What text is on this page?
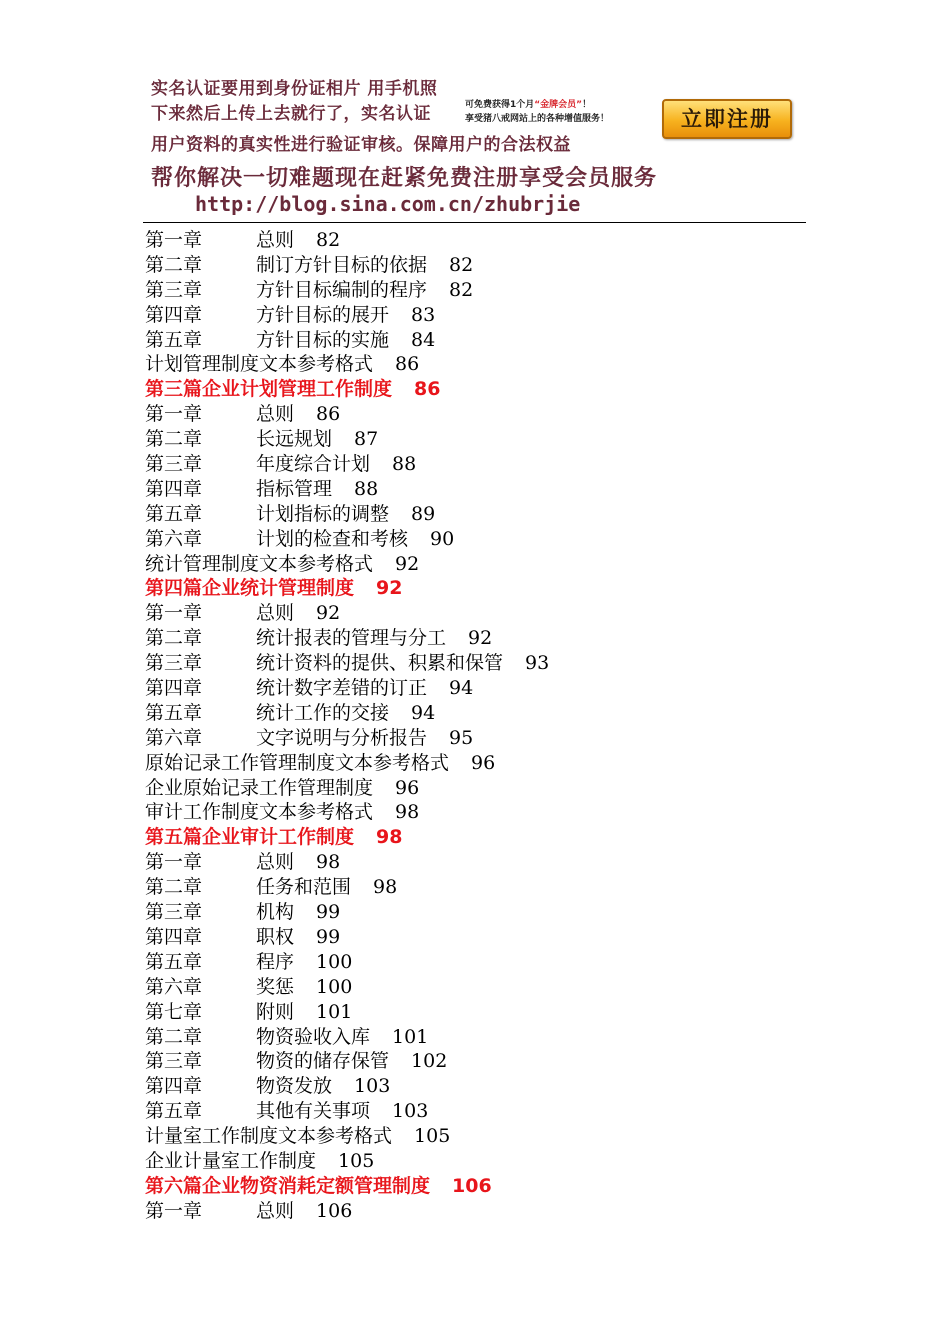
实名认证要用到身份证相片 用手机照
下来然后上传上去就行了，实名认证	可免费获得1个月“金牌会员”！
享受猪八戒网站上的各种增值服务！	立即注册
用户资料的真实性进行验证审核。保障用户的合法权益
帮你解决一切难题现在赶紧免费注册享受会员服务
http://blog.sina.com.cn/zhubrjie
第一章	总则 82
第二章	制订方针目标的依据 82
第三章	方针目标编制的程序 82
第四章	方针目标的展开 83
第五章	方针目标的实施 84
计划管理制度文本参考格式 86
第三篇企业计划管理工作制度 86
第一章	总则 86
第二章	长远规划 87
第三章	年度综合计划 88
第四章	指标管理 88
第五章	计划指标的调整 89
第六章	计划的检查和考核 90
统计管理制度文本参考格式 92
第四篇企业统计管理制度 92
第一章	总则 92
第二章	统计报表的管理与分工 92
第三章	统计资料的提供、积累和保管 93
第四章	统计数字差错的订正 94
第五章	统计工作的交接 94
第六章	文字说明与分析报告 95
原始记录工作管理制度文本参考格式 96
企业原始记录工作管理制度 96
审计工作制度文本参考格式 98
第五篇企业审计工作制度 98
第一章	总则 98
第二章	任务和范围 98
第三章	机构 99
第四章	职权 99
第五章	程序 100
第六章	奖惩 100
第七章	附则 101
第二章	物资验收入库 101
第三章	物资的储存保管 102
第四章	物资发放 103
第五章	其他有关事项 103
计量室工作制度文本参考格式 105
企业计量室工作制度 105
第六篇企业物资消耗定额管理制度 106
第一章	总则 106
